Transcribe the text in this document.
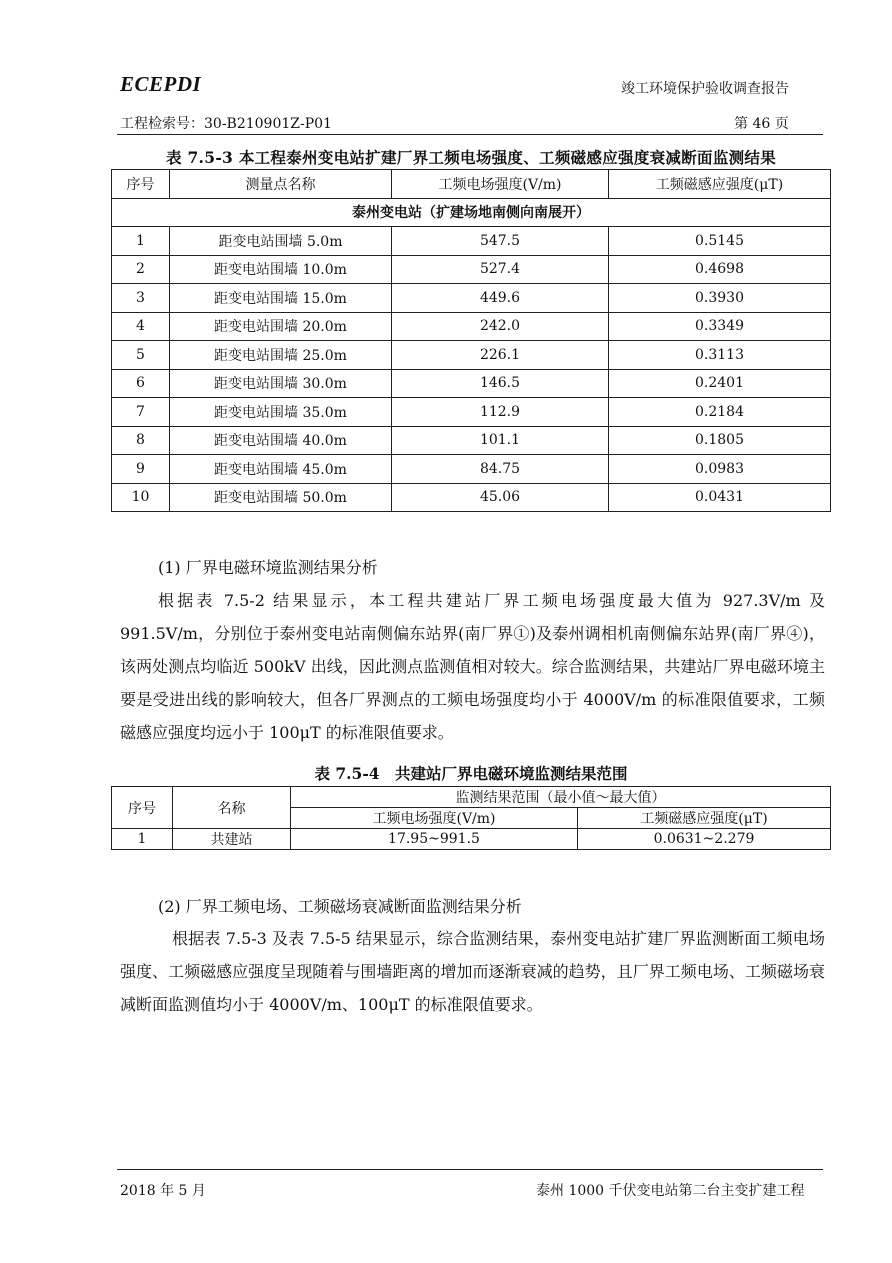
ECEPDI	竣工环境保护验收调查报告
工程检索号：30-B210901Z-P01	第 46 页
表 7.5-3 本工程泰州变电站扩建厂界工频电场强度、工频磁感应强度衰减断面监测结果
序号	测量点名称	工频电场强度(V/m)	工频磁感应强度(μT)
泰州变电站（扩建场地南侧向南展开）			
1	距变电站围墙 5.0m	547.5	0.5145
2	距变电站围墙 10.0m	527.4	0.4698
3	距变电站围墙 15.0m	449.6	0.3930
4	距变电站围墙 20.0m	242.0	0.3349
5	距变电站围墙 25.0m	226.1	0.3113
6	距变电站围墙 30.0m	146.5	0.2401
7	距变电站围墙 35.0m	112.9	0.2184
8	距变电站围墙 40.0m	101.1	0.1805
9	距变电站围墙 45.0m	84.75	0.0983
10	距变电站围墙 50.0m	45.06	0.0431
(1) 厂界电磁环境监测结果分析
根据表 7.5-2 结果显示，本工程共建站厂界工频电场强度最大值为 927.3V/m 及 991.5V/m，分别位于泰州变电站南侧偏东站界(南厂界①)及泰州调相机南侧偏东站界(南厂界④)，该两处测点均临近 500kV 出线，因此测点监测值相对较大。综合监测结果，共建站厂界电磁环境主要是受进出线的影响较大，但各厂界测点的工频电场强度均小于 4000V/m 的标准限值要求，工频磁感应强度均远小于 100μT 的标准限值要求。
表 7.5-4　共建站厂界电磁环境监测结果范围
序号	名称	监测结果范围（最小值～最大值）	
		工频电场强度(V/m)	工频磁感应强度(μT)
1	共建站	17.95~991.5	0.0631~2.279
(2) 厂界工频电场、工频磁场衰减断面监测结果分析
根据表 7.5-3 及表 7.5-5 结果显示，综合监测结果，泰州变电站扩建厂界监测断面工频电场强度、工频磁感应强度呈现随着与围墙距离的增加而逐渐衰减的趋势，且厂界工频电场、工频磁场衰减断面监测值均小于 4000V/m、100μT 的标准限值要求。
2018 年 5 月	泰州 1000 千伏变电站第二台主变扩建工程
